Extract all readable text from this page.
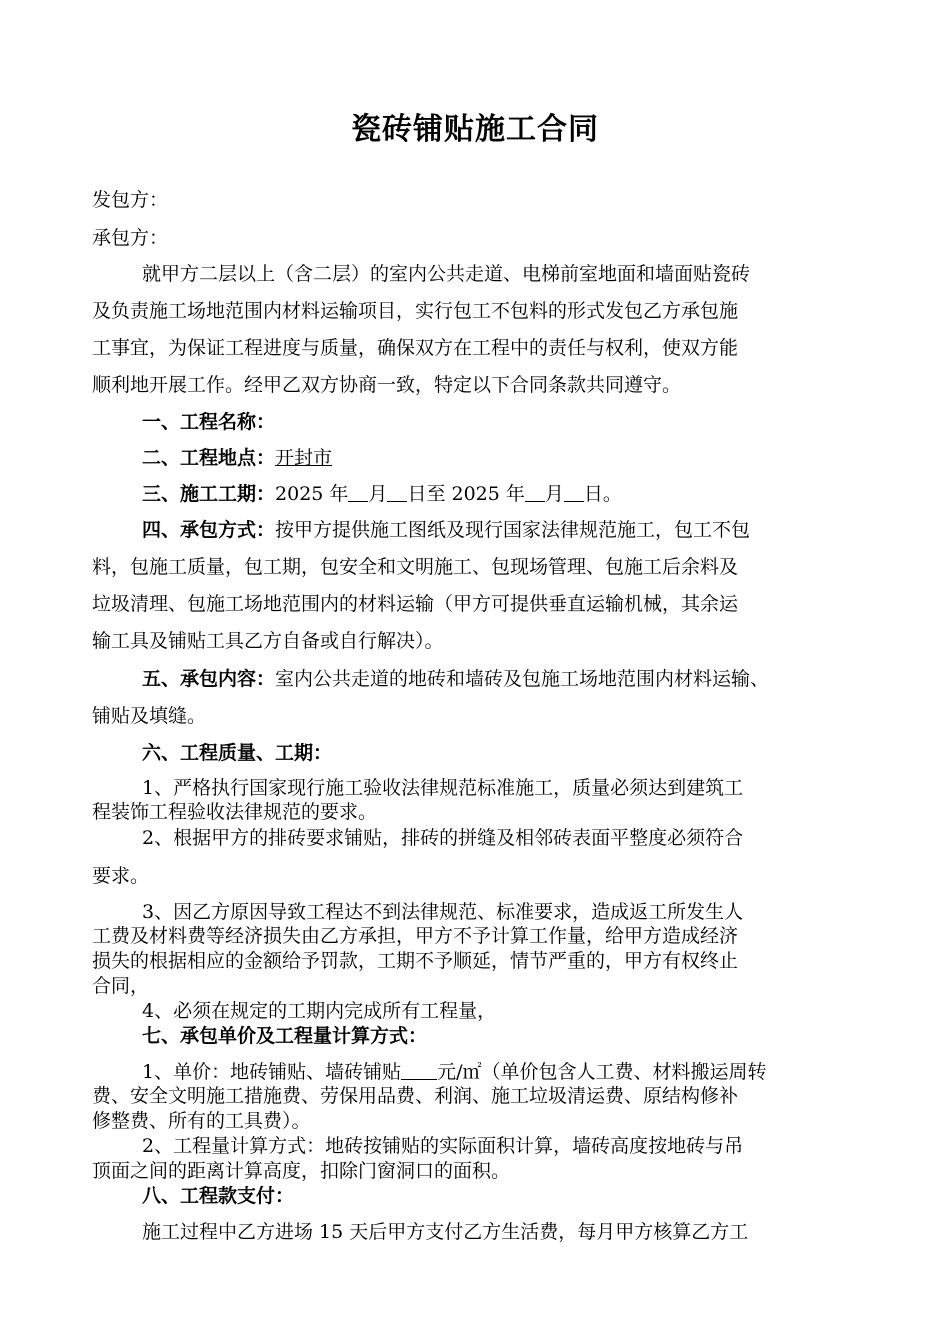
瓷砖铺贴施工合同
发包方：
承包方：
就甲方二层以上（含二层）的室内公共走道、电梯前室地面和墙面贴瓷砖
及负责施工场地范围内材料运输项目，实行包工不包料的形式发包乙方承包施
工事宜，为保证工程进度与质量，确保双方在工程中的责任与权利，使双方能
顺利地开展工作。经甲乙双方协商一致，特定以下合同条款共同遵守。
一、工程名称：
二、工程地点：开封市
三、施工工期：2025 年 月 日至 2025 年 月 日。
四、承包方式：按甲方提供施工图纸及现行国家法律规范施工，包工不包
料，包施工质量，包工期，包安全和文明施工、包现场管理、包施工后余料及
垃圾清理、包施工场地范围内的材料运输（甲方可提供垂直运输机械，其余运
输工具及铺贴工具乙方自备或自行解决）。
五、承包内容：室内公共走道的地砖和墙砖及包施工场地范围内材料运输、
铺贴及填缝。
六、工程质量、工期：
1、严格执行国家现行施工验收法律规范标准施工，质量必须达到建筑工
程装饰工程验收法律规范的要求。
2、根据甲方的排砖要求铺贴，排砖的拼缝及相邻砖表面平整度必须符合
要求。
3、因乙方原因导致工程达不到法律规范、标准要求，造成返工所发生人
工费及材料费等经济损失由乙方承担，甲方不予计算工作量，给甲方造成经济
损失的根据相应的金额给予罚款，工期不予顺延，情节严重的，甲方有权终止
合同，
4、必须在规定的工期内完成所有工程量，
七、承包单价及工程量计算方式：
1、单价：地砖铺贴、墙砖铺贴 元/㎡（单价包含人工费、材料搬运周转
费、安全文明施工措施费、劳保用品费、利润、施工垃圾清运费、原结构修补
修整费、所有的工具费）。
2、工程量计算方式：地砖按铺贴的实际面积计算，墙砖高度按地砖与吊
顶面之间的距离计算高度，扣除门窗洞口的面积。
八、工程款支付：
施工过程中乙方进场 15 天后甲方支付乙方生活费，每月甲方核算乙方工
